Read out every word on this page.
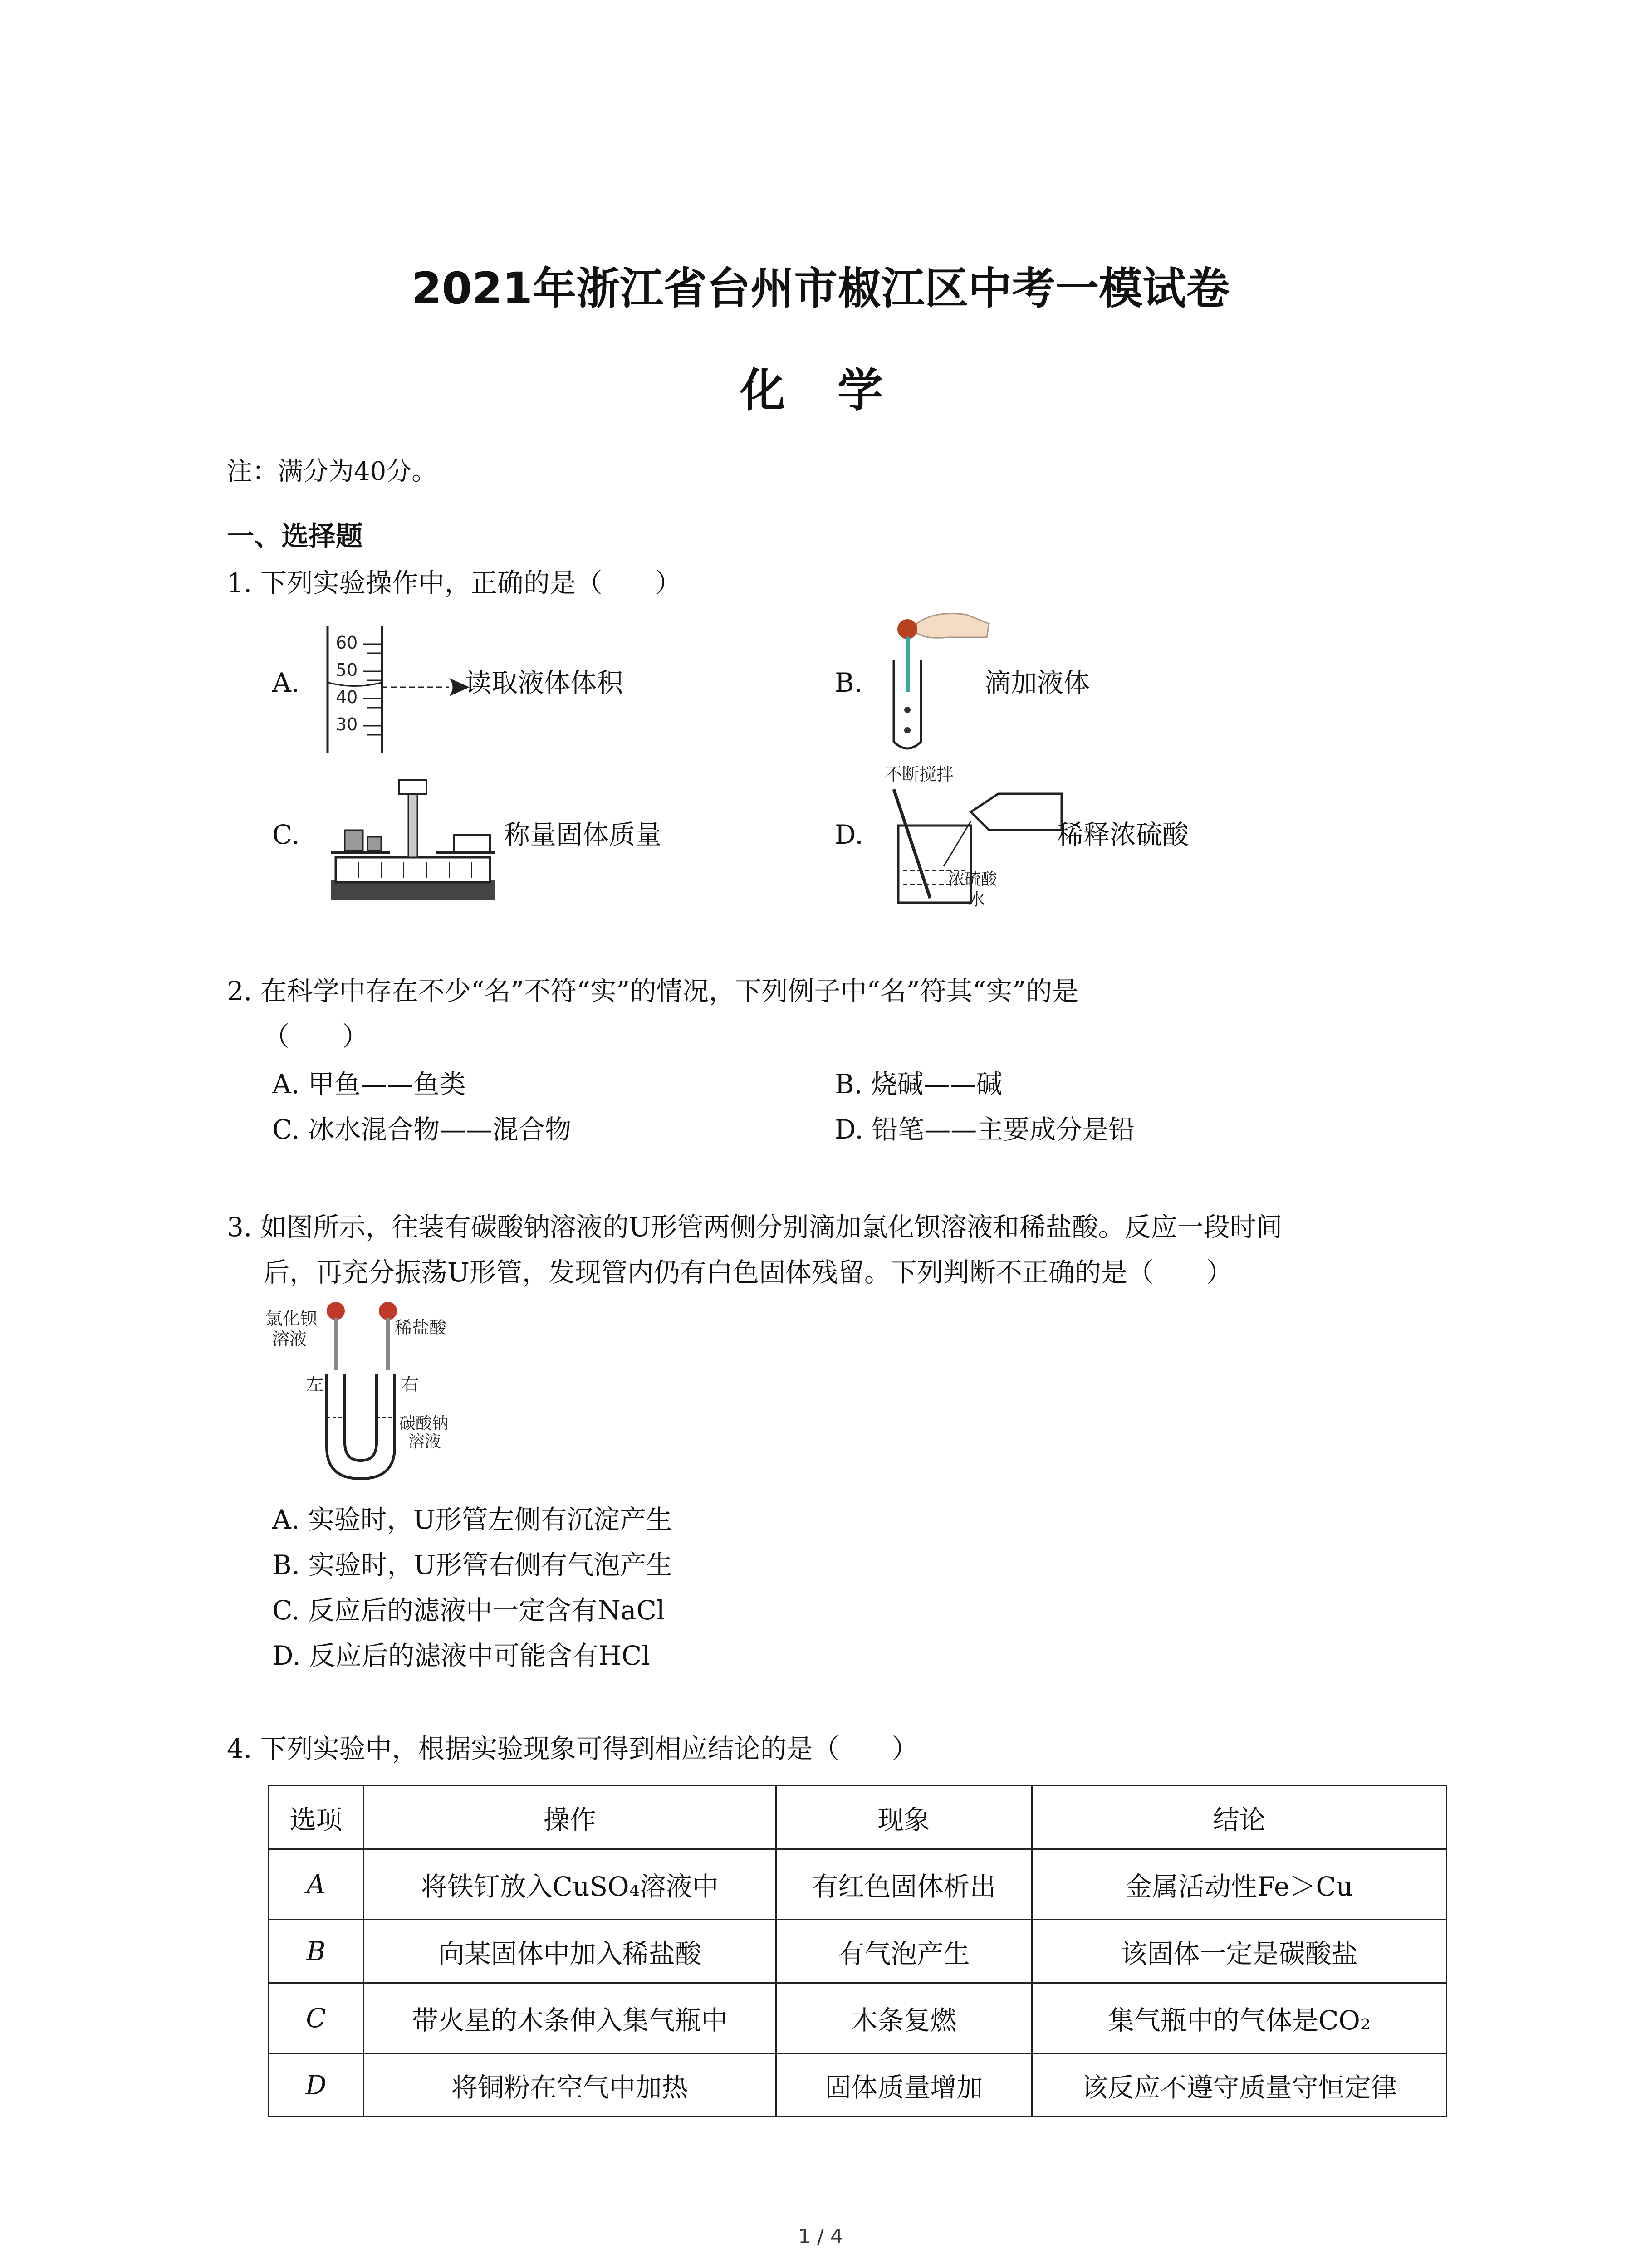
2021年浙江省台州市椒江区中考一模试卷
化 学
注：满分为40分。
一、选择题
1. 下列实验操作中，正确的是（　　）
A.
60
50
40
30
读取液体体积	B.	滴加液体
C.	称量固体质量	D.
不断搅拌
浓硫酸
水
稀释浓硫酸
2. 在科学中存在不少“名”不符“实”的情况，下列例子中“名”符其“实”的是
（　　）
A. 甲鱼——鱼类	B. 烧碱——碱
C. 冰水混合物——混合物	D. 铅笔——主要成分是铅
3. 如图所示，往装有碳酸钠溶液的U形管两侧分别滴加氯化钡溶液和稀盐酸。反应一段时间
后，再充分振荡U形管，发现管内仍有白色固体残留。下列判断不正确的是（　　）
氯化钡
溶液
稀盐酸
左	右
碳酸钠
溶液
A. 实验时，U形管左侧有沉淀产生
B. 实验时，U形管右侧有气泡产生
C. 反应后的滤液中一定含有NaCl
D. 反应后的滤液中可能含有HCl
4. 下列实验中，根据实验现象可得到相应结论的是（　　）
选项	操作	现象	结论
A	将铁钉放入CuSO₄溶液中	有红色固体析出	金属活动性Fe＞Cu
B	向某固体中加入稀盐酸	有气泡产生	该固体一定是碳酸盐
C	带火星的木条伸入集气瓶中	木条复燃	集气瓶中的气体是CO₂
D	将铜粉在空气中加热	固体质量增加	该反应不遵守质量守恒定律
1 / 4
